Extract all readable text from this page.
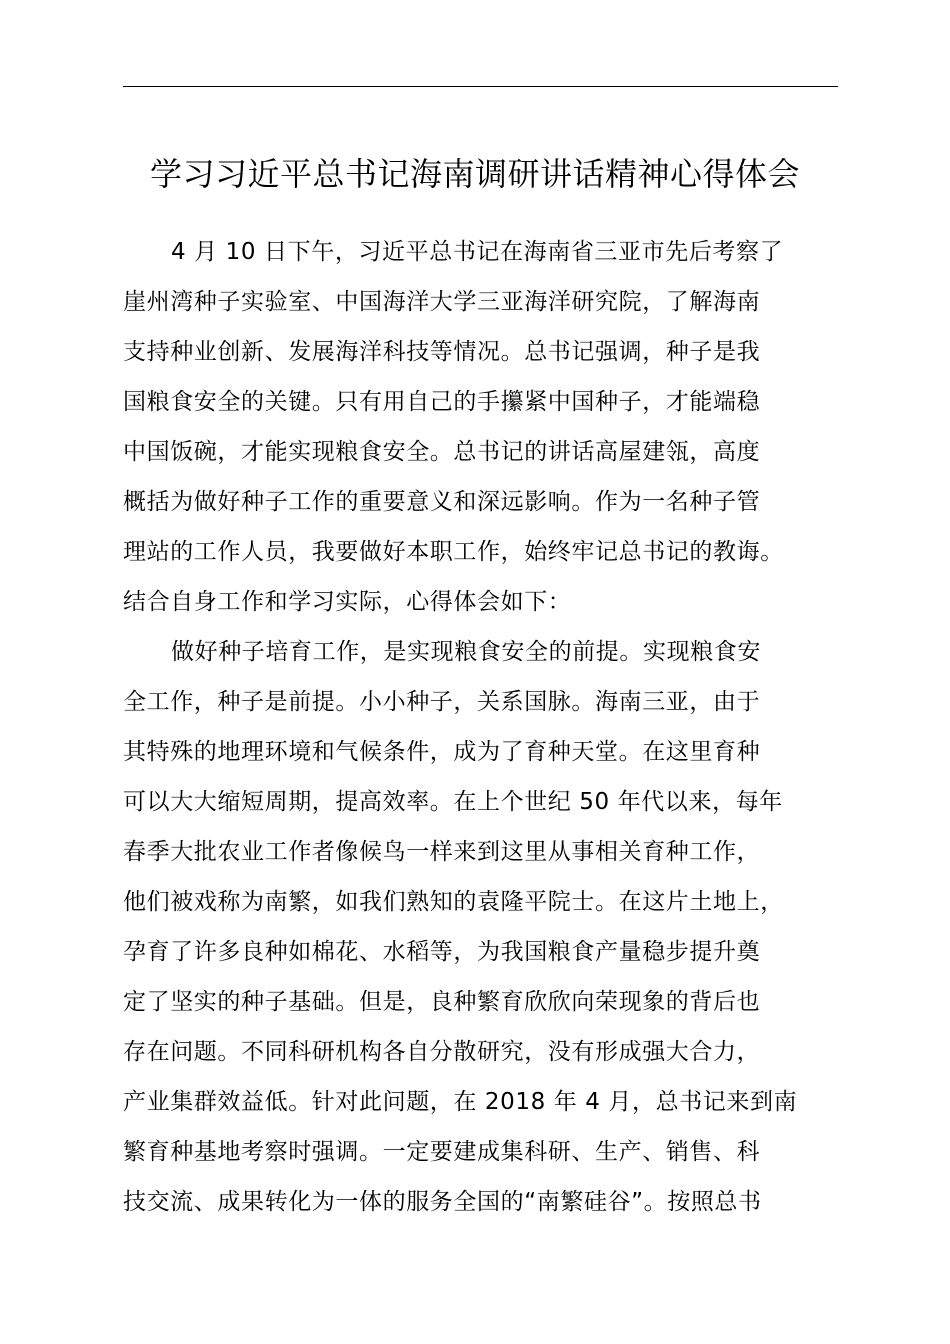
学习习近平总书记海南调研讲话精神心得体会
4 月 10 日下午，习近平总书记在海南省三亚市先后考察了
崖州湾种子实验室、中国海洋大学三亚海洋研究院，了解海南
支持种业创新、发展海洋科技等情况。总书记强调，种子是我
国粮食安全的关键。只有用自己的手攥紧中国种子，才能端稳
中国饭碗，才能实现粮食安全。总书记的讲话高屋建瓴，高度
概括为做好种子工作的重要意义和深远影响。作为一名种子管
理站的工作人员，我要做好本职工作，始终牢记总书记的教诲。
结合自身工作和学习实际，心得体会如下：
做好种子培育工作，是实现粮食安全的前提。实现粮食安
全工作，种子是前提。小小种子，关系国脉。海南三亚，由于
其特殊的地理环境和气候条件，成为了育种天堂。在这里育种
可以大大缩短周期，提高效率。在上个世纪 50 年代以来，每年
春季大批农业工作者像候鸟一样来到这里从事相关育种工作，
他们被戏称为南繁，如我们熟知的袁隆平院士。在这片土地上，
孕育了许多良种如棉花、水稻等，为我国粮食产量稳步提升奠
定了坚实的种子基础。但是，良种繁育欣欣向荣现象的背后也
存在问题。不同科研机构各自分散研究，没有形成强大合力，
产业集群效益低。针对此问题，在 2018 年 4 月，总书记来到南
繁育种基地考察时强调。一定要建成集科研、生产、销售、科
技交流、成果转化为一体的服务全国的“南繁硅谷”。按照总书
